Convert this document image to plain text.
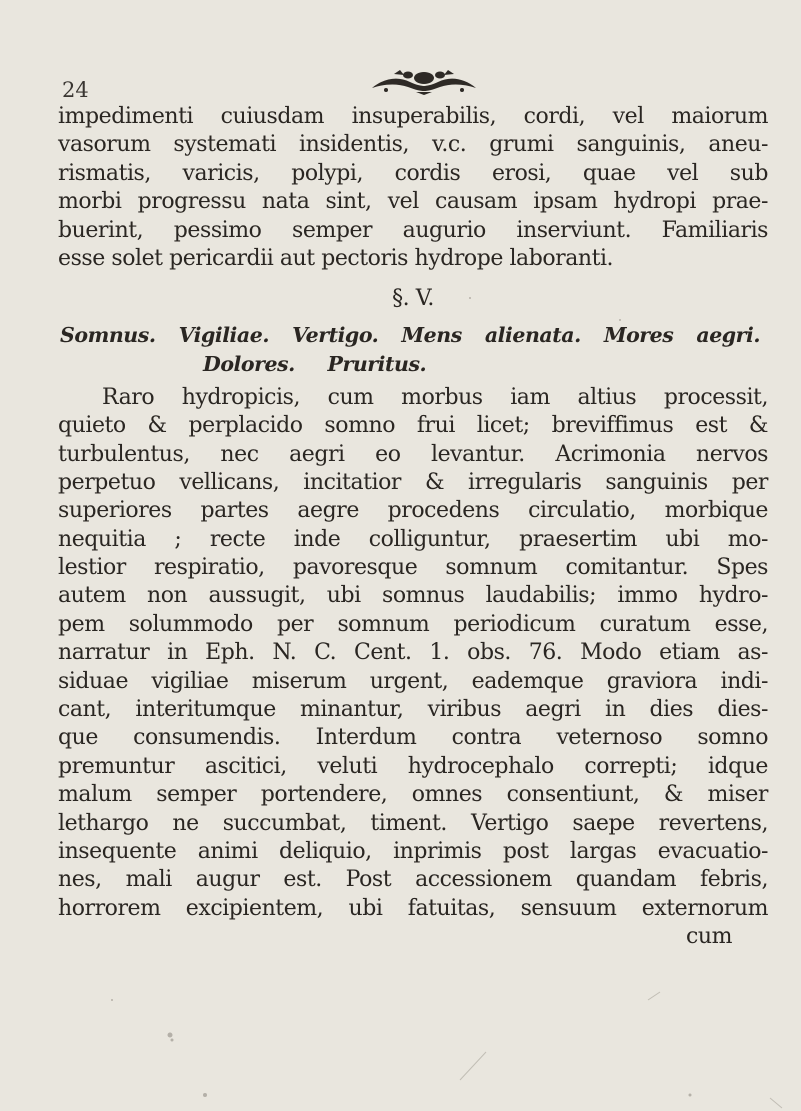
24
impedimenti cuiusdam insuperabilis, cordi, vel maiorum
vasorum systemati insidentis, v.c. grumi sanguinis, aneu-
rismatis, varicis, polypi, cordis erosi, quae vel sub
morbi progressu nata sint, vel causam ipsam hydropi prae-
buerint, pessimo semper augurio inserviunt. Familiaris
esse solet pericardii aut pectoris hydrope laboranti.
§. V.
Somnus. Vigiliae. Vertigo. Mens alienata. Mores aegri.
Dolores. Pruritus.
Raro hydropicis, cum morbus iam altius processit,
quieto & perplacido somno frui licet; breviffimus est &
turbulentus, nec aegri eo levantur. Acrimonia nervos
perpetuo vellicans, incitatior & irregularis sanguinis per
superiores partes aegre procedens circulatio, morbique
nequitia ; recte inde colliguntur, praesertim ubi mo-
lestior respiratio, pavoresque somnum comitantur. Spes
autem non aussugit, ubi somnus laudabilis; immo hydro-
pem solummodo per somnum periodicum curatum esse,
narratur in Eph. N. C. Cent. 1. obs. 76. Modo etiam as-
siduae vigiliae miserum urgent, eademque graviora indi-
cant, interitumque minantur, viribus aegri in dies dies-
que consumendis. Interdum contra veternoso somno
premuntur ascitici, veluti hydrocephalo correpti; idque
malum semper portendere, omnes consentiunt, & miser
lethargo ne succumbat, timent. Vertigo saepe revertens,
insequente animi deliquio, inprimis post largas evacuatio-
nes, mali augur est. Post accessionem quandam febris,
horrorem excipientem, ubi fatuitas, sensuum externorum
cum
